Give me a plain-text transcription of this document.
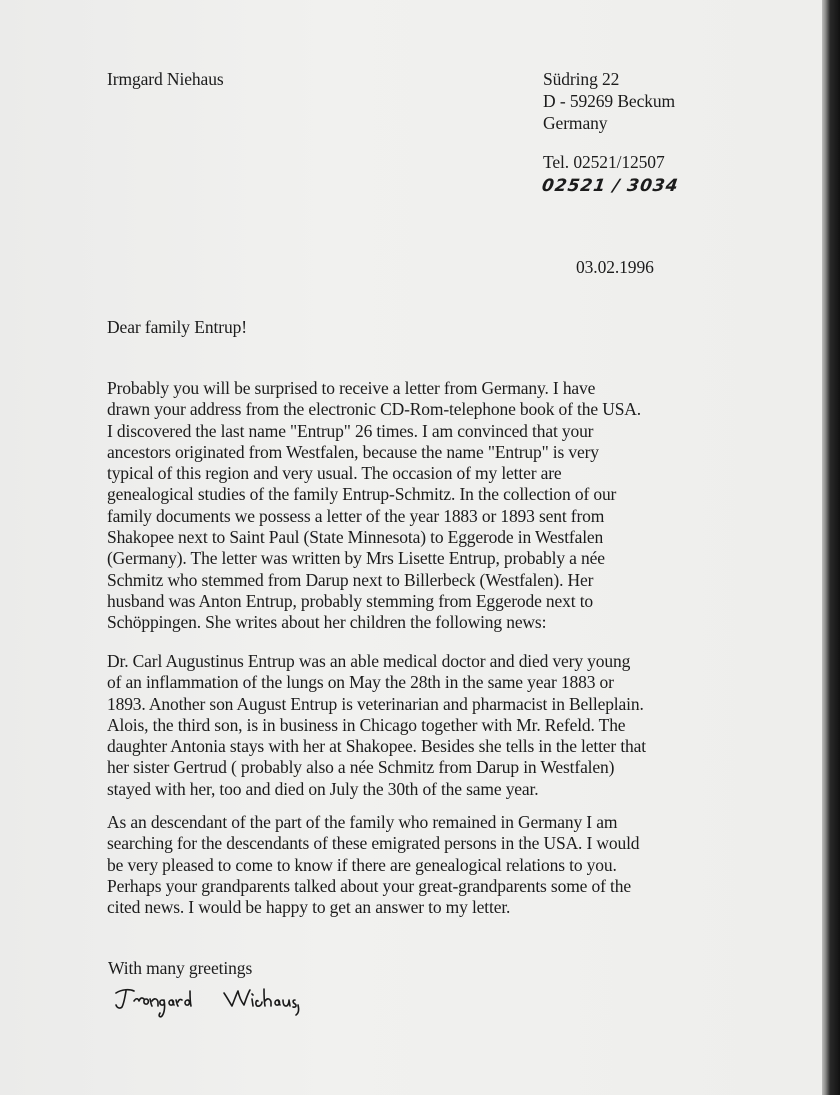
Irmgard Niehaus	Südring 22
D - 59269 Beckum
Germany
Tel. 02521/12507
02521 / 3034
03.02.1996
Dear family Entrup!

Probably you will be surprised to receive a letter from Germany. I have

drawn your address from the electronic CD-Rom-telephone book of the USA.

I discovered the last name "Entrup" 26 times. I am convinced that your

ancestors originated from Westfalen, because the name "Entrup" is very

typical of this region and very usual. The occasion of my letter are

genealogical studies of the family Entrup-Schmitz. In the collection of our

family documents we possess a letter of the year 1883 or 1893 sent from

Shakopee next to Saint Paul (State Minnesota) to Eggerode in Westfalen

(Germany). The letter was written by Mrs Lisette Entrup, probably a née

Schmitz who stemmed from Darup next to Billerbeck (Westfalen). Her

husband was Anton Entrup, probably stemming from Eggerode next to

Schöppingen. She writes about her children the following news:

Dr. Carl Augustinus Entrup was an able medical doctor and died very young

of an inflammation of the lungs on May the 28th in the same year 1883 or

1893. Another son August Entrup is veterinarian and pharmacist in Belleplain.

Alois, the third son, is in business in Chicago together with Mr. Refeld. The

daughter Antonia stays with her at Shakopee. Besides she tells in the letter that

her sister Gertrud ( probably also a née Schmitz from Darup in Westfalen)

stayed with her, too and died on July the 30th of the same year.

As an descendant of the part of the family who remained in Germany I am

searching for the descendants of these emigrated persons in the USA. I would

be very pleased to come to know if there are genealogical relations to you.

Perhaps your grandparents talked about your great-grandparents some of the

cited news. I would be happy to get an answer to my letter.

With many greetings
